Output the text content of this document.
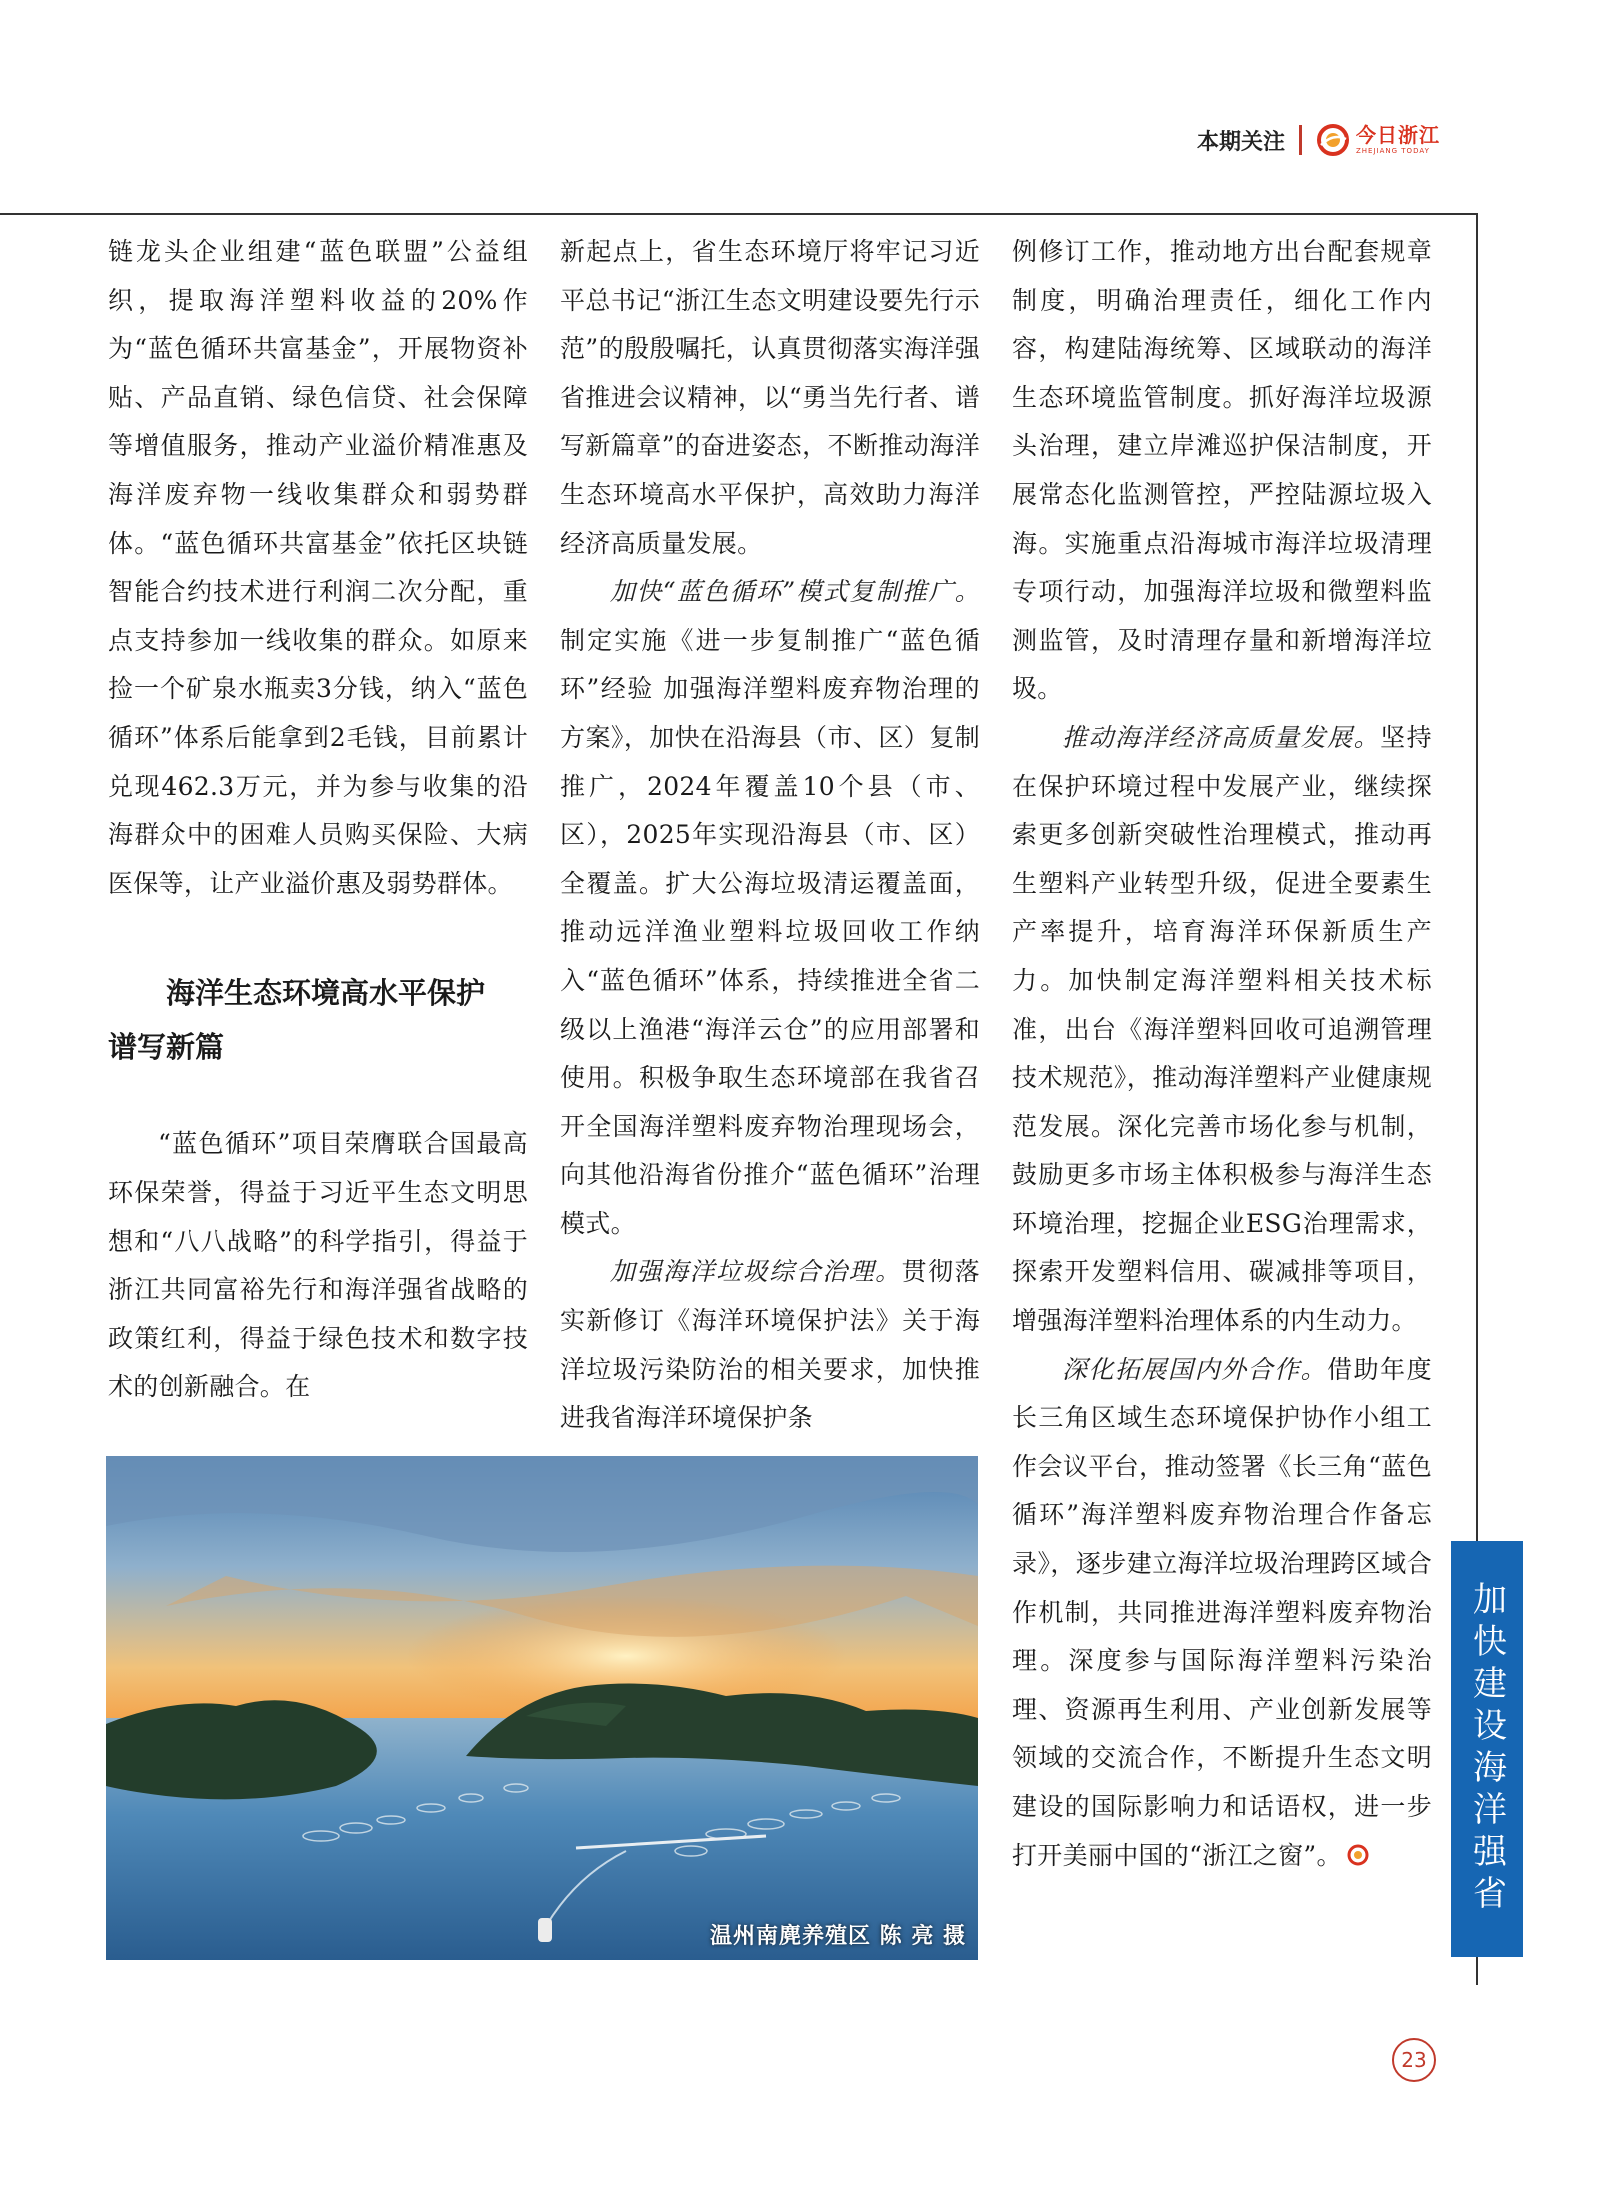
本期关注	今日浙江
ZHEJIANG TODAY

链龙头企业组建“蓝色联盟”公益组织，提取海洋塑料收益的20%作为“蓝色循环共富基金”，开展物资补贴、产品直销、绿色信贷、社会保障等增值服务，推动产业溢价精准惠及海洋废弃物一线收集群众和弱势群体。“蓝色循环共富基金”依托区块链智能合约技术进行利润二次分配，重点支持参加一线收集的群众。如原来捡一个矿泉水瓶卖3分钱，纳入“蓝色循环”体系后能拿到2毛钱，目前累计兑现462.3万元，并为参与收集的沿海群众中的困难人员购买保险、大病医保等，让产业溢价惠及弱势群体。

海洋生态环境高水平保护
谱写新篇

“蓝色循环”项目荣膺联合国最高环保荣誉，得益于习近平生态文明思想和“八八战略”的科学指引，得益于浙江共同富裕先行和海洋强省战略的政策红利，得益于绿色技术和数字技术的创新融合。在

新起点上，省生态环境厅将牢记习近平总书记“浙江生态文明建设要先行示范”的殷殷嘱托，认真贯彻落实海洋强省推进会议精神，以“勇当先行者、谱写新篇章”的奋进姿态，不断推动海洋生态环境高水平保护，高效助力海洋经济高质量发展。

加快“蓝色循环”模式复制推广。制定实施《进一步复制推广“蓝色循环”经验 加强海洋塑料废弃物治理的方案》，加快在沿海县（市、区）复制推广，2024年覆盖10个县（市、区），2025年实现沿海县（市、区）全覆盖。扩大公海垃圾清运覆盖面，推动远洋渔业塑料垃圾回收工作纳入“蓝色循环”体系，持续推进全省二级以上渔港“海洋云仓”的应用部署和使用。积极争取生态环境部在我省召开全国海洋塑料废弃物治理现场会，向其他沿海省份推介“蓝色循环”治理模式。

加强海洋垃圾综合治理。贯彻落实新修订《海洋环境保护法》关于海洋垃圾污染防治的相关要求，加快推进我省海洋环境保护条

例修订工作，推动地方出台配套规章制度，明确治理责任，细化工作内容，构建陆海统筹、区域联动的海洋生态环境监管制度。抓好海洋垃圾源头治理，建立岸滩巡护保洁制度，开展常态化监测管控，严控陆源垃圾入海。实施重点沿海城市海洋垃圾清理专项行动，加强海洋垃圾和微塑料监测监管，及时清理存量和新增海洋垃圾。

推动海洋经济高质量发展。坚持在保护环境过程中发展产业，继续探索更多创新突破性治理模式，推动再生塑料产业转型升级，促进全要素生产率提升，培育海洋环保新质生产力。加快制定海洋塑料相关技术标准，出台《海洋塑料回收可追溯管理技术规范》，推动海洋塑料产业健康规范发展。深化完善市场化参与机制，鼓励更多市场主体积极参与海洋生态环境治理，挖掘企业ESG治理需求，探索开发塑料信用、碳减排等项目，增强海洋塑料治理体系的内生动力。

深化拓展国内外合作。借助年度长三角区域生态环境保护协作小组工作会议平台，推动签署《长三角“蓝色循环”海洋塑料废弃物治理合作备忘录》，逐步建立海洋垃圾治理跨区域合作机制，共同推进海洋塑料废弃物治理。深度参与国际海洋塑料污染治理、资源再生利用、产业创新发展等领域的交流合作，不断提升生态文明建设的国际影响力和话语权，进一步打开美丽中国的“浙江之窗”。

温州南麂养殖区 陈 亮 摄
加快建设海洋强省
23
